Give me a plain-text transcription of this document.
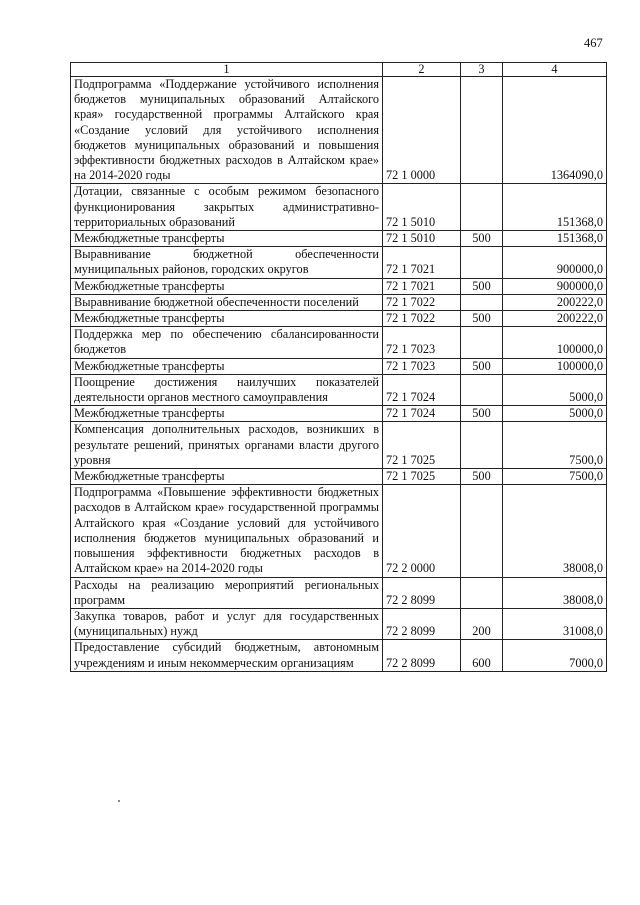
467
1	2	3	4
Подпрограмма «Поддержание устойчивого исполнения бюджетов муниципальных образований Алтайского края» государственной программы Алтайского края «Создание условий для устойчивого исполнения бюджетов муниципальных образований и повышения эффективности бюджетных расходов в Алтайском крае» на 2014-2020 годы	72 1 0000		1364090,0
Дотации, связанные с особым режимом безопасного функционирования закрытых административно-территориальных образований	72 1 5010		151368,0
Межбюджетные трансферты	72 1 5010	500	151368,0
Выравнивание бюджетной обеспеченности муниципальных районов, городских округов	72 1 7021		900000,0
Межбюджетные трансферты	72 1 7021	500	900000,0
Выравнивание бюджетной обеспеченности поселений	72 1 7022		200222,0
Межбюджетные трансферты	72 1 7022	500	200222,0
Поддержка мер по обеспечению сбалансированности бюджетов	72 1 7023		100000,0
Межбюджетные трансферты	72 1 7023	500	100000,0
Поощрение достижения наилучших показателей деятельности органов местного самоуправления	72 1 7024		5000,0
Межбюджетные трансферты	72 1 7024	500	5000,0
Компенсация дополнительных расходов, возникших в результате решений, принятых органами власти другого уровня	72 1 7025		7500,0
Межбюджетные трансферты	72 1 7025	500	7500,0
Подпрограмма «Повышение эффективности бюджетных расходов в Алтайском крае» государственной программы Алтайского края «Создание условий для устойчивого исполнения бюджетов муниципальных образований и повышения эффективности бюджетных расходов в Алтайском крае» на 2014-2020 годы	72 2 0000		38008,0
Расходы на реализацию мероприятий региональных программ	72 2 8099		38008,0
Закупка товаров, работ и услуг для государственных (муниципальных) нужд	72 2 8099	200	31008,0
Предоставление субсидий бюджетным, автономным учреждениям и иным некоммерческим организациям	72 2 8099	600	7000,0
